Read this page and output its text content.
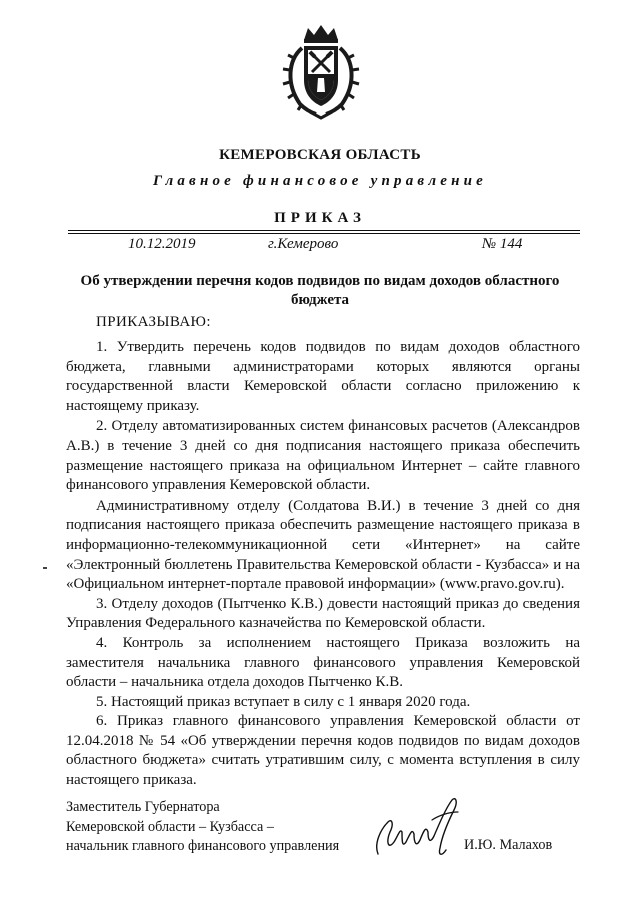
КЕМЕРОВСКАЯ ОБЛАСТЬ
Главное финансовое управление
ПРИКАЗ
10.12.2019	г.Кемерово	№ 144
Об утверждении перечня кодов подвидов по видам доходов областного бюджета
ПРИКАЗЫВАЮ:

1. Утвердить перечень кодов подвидов по видам доходов областного бюджета, главными администраторами которых являются органы государственной власти Кемеровской области согласно приложению к настоящему приказу.

2. Отделу автоматизированных систем финансовых расчетов (Александров А.В.) в течение 3 дней со дня подписания настоящего приказа обеспечить размещение настоящего приказа на официальном Интернет – сайте главного финансового управления Кемеровской области.

Административному отделу (Солдатова В.И.) в течение 3 дней со дня подписания настоящего приказа обеспечить размещение настоящего приказа в информационно-телекоммуникационной сети «Интернет» на сайте «Электронный бюллетень Правительства Кемеровской области - Кузбасса» и на «Официальном интернет-портале правовой информации» (www.pravo.gov.ru).

3. Отделу доходов (Пытченко К.В.) довести настоящий приказ до сведения Управления Федерального казначейства по Кемеровской области.

4. Контроль за исполнением настоящего Приказа возложить на заместителя начальника главного финансового управления Кемеровской области – начальника отдела доходов Пытченко К.В.

5. Настоящий приказ вступает в силу с 1 января 2020 года.

6. Приказ главного финансового управления Кемеровской области от 12.04.2018 № 54 «Об утверждении перечня кодов подвидов по видам доходов областного бюджета» считать утратившим силу, с момента вступления в силу настоящего приказа.

Заместитель Губернатора
Кемеровской области – Кузбасса –
начальник главного финансового управления	И.Ю. Малахов
